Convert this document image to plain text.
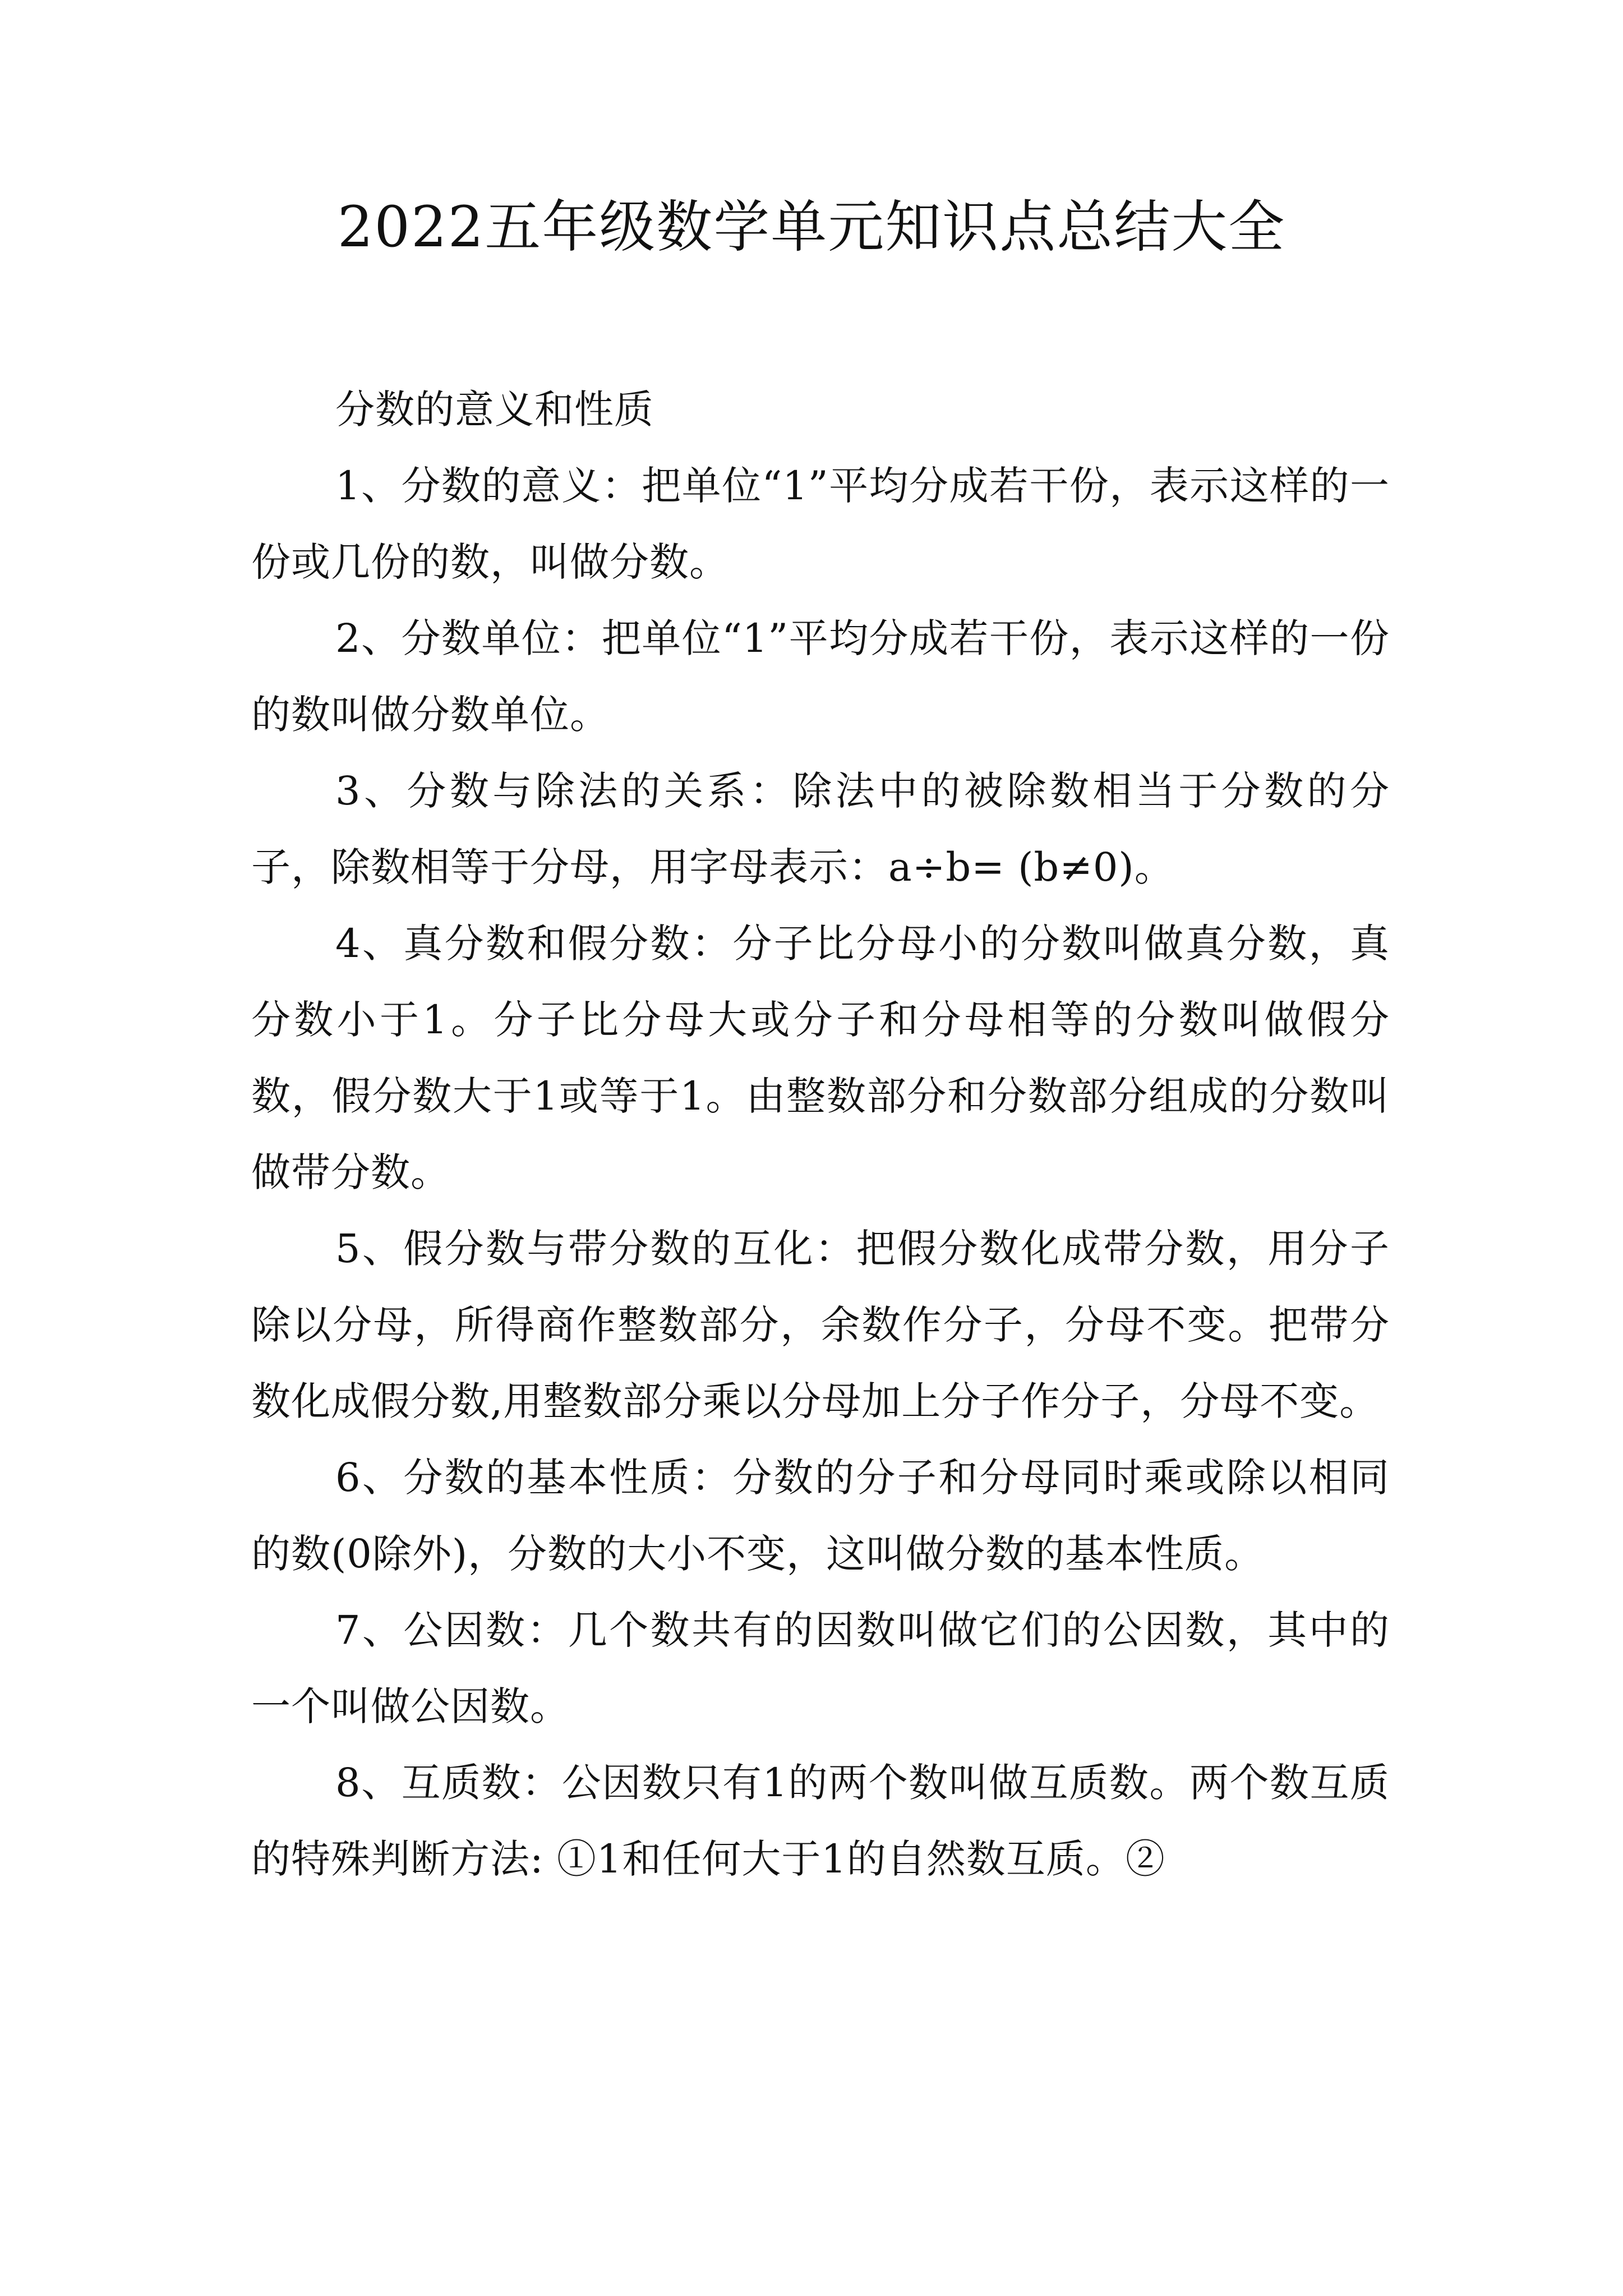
2022五年级数学单元知识点总结大全

分数的意义和性质

1、分数的意义：把单位“1”平均分成若干份，表示这样的一份或几份的数，叫做分数。

2、分数单位：把单位“1”平均分成若干份，表示这样的一份的数叫做分数单位。

3、分数与除法的关系：除法中的被除数相当于分数的分子，除数相等于分母，用字母表示：a÷b= (b≠0)。

4、真分数和假分数：分子比分母小的分数叫做真分数，真分数小于1。分子比分母大或分子和分母相等的分数叫做假分数，假分数大于1或等于1。由整数部分和分数部分组成的分数叫做带分数。

5、假分数与带分数的互化：把假分数化成带分数，用分子除以分母，所得商作整数部分，余数作分子，分母不变。把带分数化成假分数,用整数部分乘以分母加上分子作分子，分母不变。

6、分数的基本性质：分数的分子和分母同时乘或除以相同的数(0除外)，分数的大小不变，这叫做分数的基本性质。

7、公因数：几个数共有的因数叫做它们的公因数，其中的一个叫做公因数。

8、互质数：公因数只有1的两个数叫做互质数。两个数互质的特殊判断方法: ①1和任何大于1的自然数互质。②
